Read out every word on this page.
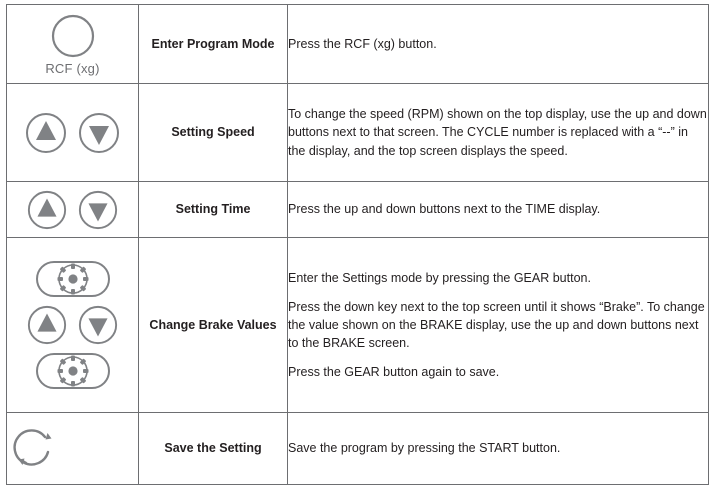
RCF (xg)	Enter Program Mode	Press the RCF (xg) button.

	Setting Speed	To change the speed (RPM) shown on the top display, use the up and down buttons next to that screen. The CYCLE number is replaced with a “--” in the display, and the top screen displays the speed.

	Setting Time	Press the up and down buttons next to the TIME display.

	Change Brake Values	Enter the Settings mode by pressing the GEAR button.

Press the down key next to the top screen until it shows “Brake”. To change the value shown on the BRAKE display, use the up and down buttons next to the BRAKE screen.

Press the GEAR button again to save.

	Save the Setting	Save the program by pressing the START button.
